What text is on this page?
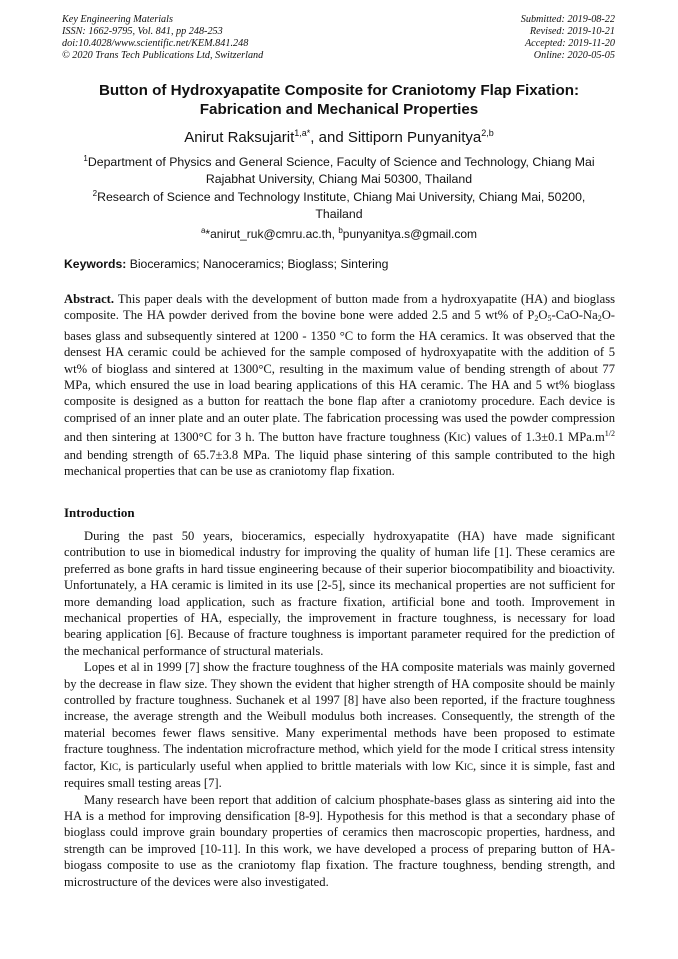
Key Engineering Materials
ISSN: 1662-9795, Vol. 841, pp 248-253
doi:10.4028/www.scientific.net/KEM.841.248
© 2020 Trans Tech Publications Ltd, Switzerland
Submitted: 2019-08-22
Revised: 2019-10-21
Accepted: 2019-11-20
Online: 2020-05-05
Button of Hydroxyapatite Composite for Craniotomy Flap Fixation:
Fabrication and Mechanical Properties
Anirut Raksujarit$^{1,a*}$, and Sittiporn Punyanitya$^{2,b}$
$^1$Department of Physics and General Science, Faculty of Science and Technology, Chiang Mai
Rajabhat University, Chiang Mai 50300, Thailand
$^2$Research of Science and Technology Institute, Chiang Mai University, Chiang Mai, 50200,
Thailand
$^a$*anirut_ruk@cmru.ac.th, $^b$punyanitya.s@gmail.com
Keywords: Bioceramics; Nanoceramics; Bioglass; Sintering
Abstract. This paper deals with the development of button made from a hydroxyapatite (HA) and bioglass composite. The HA powder derived from the bovine bone were added 2.5 and 5 wt% of $P_2O_5-CaO-Na_2O$-bases glass and subsequently sintered at 1200 - 1350 °C to form the HA ceramics. It was observed that the densest HA ceramic could be achieved for the sample composed of hydroxyapatite with the addition of 5 wt% of bioglass and sintered at 1300°C, resulting in the maximum value of bending strength of about 77 MPa, which ensured the use in load bearing applications of this HA ceramic. The HA and 5 wt% bioglass composite is designed as a button for reattach the bone flap after a craniotomy procedure. Each device is comprised of an inner plate and an outer plate. The fabrication processing was used the powder compression and then sintering at 1300°C for 3 h. The button have fracture toughness (KIC) values of 1.3±0.1 $MPa.m^{1/2}$ and bending strength of 65.7±3.8 MPa. The liquid phase sintering of this sample contributed to the high mechanical properties that can be use as craniotomy flap fixation.
Introduction

During the past 50 years, bioceramics, especially hydroxyapatite (HA) have made significant contribution to use in biomedical industry for improving the quality of human life [1]. These ceramics are preferred as bone grafts in hard tissue engineering because of their superior biocompatibility and bioactivity. Unfortunately, a HA ceramic is limited in its use [2-5], since its mechanical properties are not sufficient for more demanding load application, such as fracture fixation, artificial bone and tooth. Improvement in mechanical properties of HA, especially, the improvement in fracture toughness, is necessary for load bearing application [6]. Because of fracture toughness is important parameter required for the prediction of the mechanical performance of structural materials.

Lopes et al in 1999 [7] show the fracture toughness of the HA composite materials was mainly governed by the decrease in flaw size. They shown the evident that higher strength of HA composite should be mainly controlled by fracture toughness. Suchanek et al 1997 [8] have also been reported, if the fracture toughness increase, the average strength and the Weibull modulus both increases. Consequently, the strength of the material becomes fewer flaws sensitive. Many experimental methods have been proposed to estimate fracture toughness. The indentation microfracture method, which yield for the mode I critical stress intensity factor, KIC, is particularly useful when applied to brittle materials with low KIC, since it is simple, fast and requires small testing areas [7].

Many research have been report that addition of calcium phosphate-bases glass as sintering aid into the HA is a method for improving densification [8-9]. Hypothesis for this method is that a secondary phase of bioglass could improve grain boundary properties of ceramics then macroscopic properties, hardness, and strength can be improved [10-11]. In this work, we have developed a process of preparing button of HA-biogass composite to use as the craniotomy flap fixation. The fracture toughness, bending strength, and microstructure of the devices were also investigated.
